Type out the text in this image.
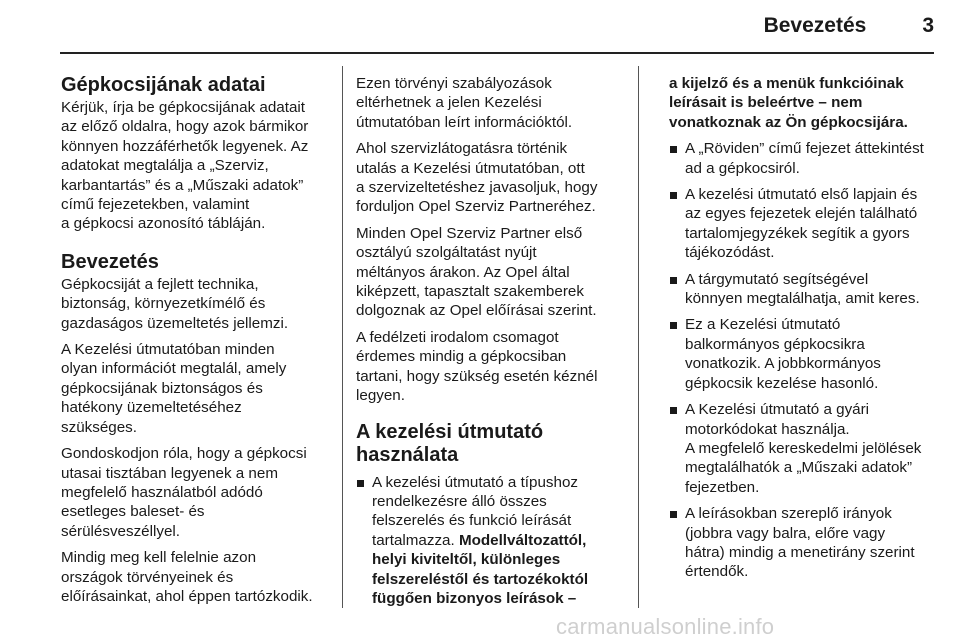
Bevezetés	3
Gépkocsijának adatai

Kérjük, írja be gépkocsijának adatait
az előző oldalra, hogy azok bármikor
könnyen hozzáférhetők legyenek. Az
adatokat megtalálja a „Szerviz,
karbantartás” és a „Műszaki adatok”
című fejezetekben, valamint
a gépkocsi azonosító tábláján.

Bevezetés

Gépkocsiját a fejlett technika,
biztonság, környezetkímélő és
gazdaságos üzemeltetés jellemzi.

A Kezelési útmutatóban minden
olyan információt megtalál, amely
gépkocsijának biztonságos és
hatékony üzemeltetéséhez
szükséges.

Gondoskodjon róla, hogy a gépkocsi
utasai tisztában legyenek a nem
megfelelő használatból adódó
esetleges baleset- és
sérülésveszéllyel.

Mindig meg kell felelnie azon
országok törvényeinek és
előírásainkat, ahol éppen tartózkodik.

Ezen törvényi szabályozások
eltérhetnek a jelen Kezelési
útmutatóban leírt információktól.

Ahol szervizlátogatásra történik
utalás a Kezelési útmutatóban, ott
a szervizeltetéshez javasoljuk, hogy
forduljon Opel Szerviz Partneréhez.

Minden Opel Szerviz Partner első
osztályú szolgáltatást nyújt
méltányos árakon. Az Opel által
kiképzett, tapasztalt szakemberek
dolgoznak az Opel előírásai szerint.

A fedélzeti irodalom csomagot
érdemes mindig a gépkocsiban
tartani, hogy szükség esetén kéznél
legyen.

A kezelési útmutató
használata
A kezelési útmutató a típushoz
rendelkezésre álló összes
felszerelés és funkció leírását
tartalmazza. Modellváltozattól,
helyi kiviteltől, különleges
felszereléstől és tartozékoktól
függően bizonyos leírások –

a kijelző és a menük funkcióinak
leírásait is beleértve – nem
vonatkoznak az Ön gépkocsijára.

A „Röviden” című fejezet áttekintést
ad a gépkocsiról.
A kezelési útmutató első lapjain és
az egyes fejezetek elején található
tartalomjegyzékek segítik a gyors
tájékozódást.
A tárgymutató segítségével
könnyen megtalálhatja, amit keres.
Ez a Kezelési útmutató
balkormányos gépkocsikra
vonatkozik. A jobbkormányos
gépkocsik kezelése hasonló.
A Kezelési útmutató a gyári
motorkódokat használja.
A megfelelő kereskedelmi jelölések
megtalálhatók a „Műszaki adatok”
fejezetben.
A leírásokban szereplő irányok
(jobbra vagy balra, előre vagy
hátra) mindig a menetirány szerint
értendők.
carmanualsonline.info
